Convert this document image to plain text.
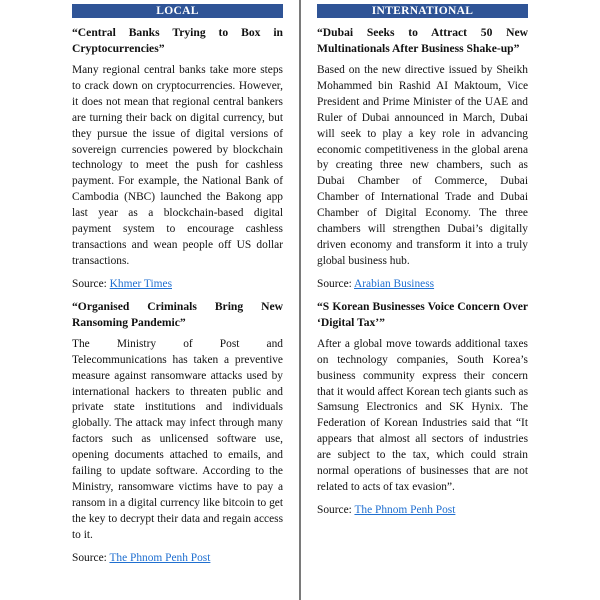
LOCAL

“Central Banks Trying to Box in Cryptocurrencies”

Many regional central banks take more steps to crack down on cryptocurrencies. However, it does not mean that regional central bankers are turning their back on digital currency, but they pursue the issue of digital versions of sovereign currencies powered by blockchain technology to meet the push for cashless payment. For example, the National Bank of Cambodia (NBC) launched the Bakong app last year as a blockchain-based digital payment system to encourage cashless transactions and wean people off US dollar transactions.

Source: Khmer Times

“Organised Criminals Bring New Ransoming Pandemic”

The Ministry of Post and Telecommunications has taken a preventive measure against ransomware attacks used by international hackers to threaten public and private state institutions and individuals globally. The attack may infect through many factors such as unlicensed software use, opening documents attached to emails, and failing to update software. According to the Ministry, ransomware victims have to pay a ransom in a digital currency like bitcoin to get the key to decrypt their data and regain access to it.

Source: The Phnom Penh Post
INTERNATIONAL

“Dubai Seeks to Attract 50 New Multinationals After Business Shake-up”

Based on the new directive issued by Sheikh Mohammed bin Rashid AI Maktoum, Vice President and Prime Minister of the UAE and Ruler of Dubai announced in March, Dubai will seek to play a key role in advancing economic competitiveness in the global arena by creating three new chambers, such as Dubai Chamber of Commerce, Dubai Chamber of International Trade and Dubai Chamber of Digital Economy. The three chambers will strengthen Dubai’s digitally driven economy and transform it into a truly global business hub.

Source: Arabian Business

“S Korean Businesses Voice Concern Over ‘Digital Tax’”

After a global move towards additional taxes on technology companies, South Korea’s business community express their concern that it would affect Korean tech giants such as Samsung Electronics and SK Hynix. The Federation of Korean Industries said that “It appears that almost all sectors of industries are subject to the tax, which could strain normal operations of businesses that are not related to acts of tax evasion”.

Source: The Phnom Penh Post
